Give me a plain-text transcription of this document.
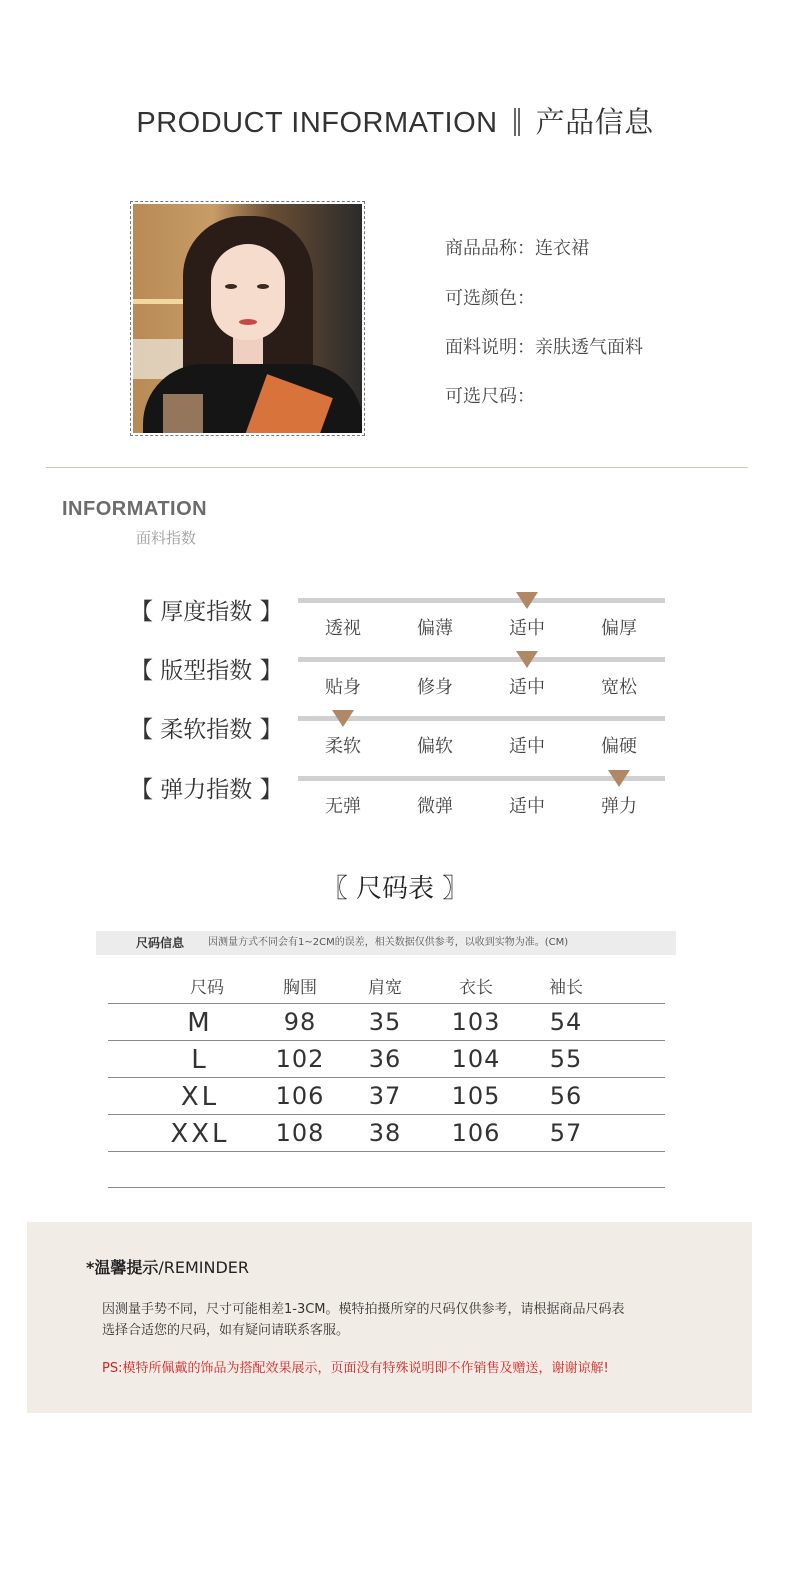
PRODUCT INFORMATION 产品信息
商品品称：连衣裙
可选颜色：
面料说明：亲肤透气面料
可选尺码：
INFORMATION
面料指数
【 厚度指数 】
透视	偏薄	适中	偏厚
【 版型指数 】
贴身	修身	适中	宽松
【 柔软指数 】
柔软	偏软	适中	偏硬
【 弹力指数 】
无弹	微弹	适中	弹力
〖 尺码表 〗
尺码信息 因测量方式不同会有1~2CM的误差，相关数据仅供参考，以收到实物为准。(CM)
尺码	胸围	肩宽	衣长	袖长
M	98	35	103	54
L	102	36	104	55
XL	106	37	105	56
XXL	108	38	106	57
*温馨提示/REMINDER
因测量手势不同，尺寸可能相差1-3CM。模特拍摄所穿的尺码仅供参考，请根据商品尺码表
选择合适您的尺码，如有疑问请联系客服。
PS:模特所佩戴的饰品为搭配效果展示，页面没有特殊说明即不作销售及赠送，谢谢谅解!
